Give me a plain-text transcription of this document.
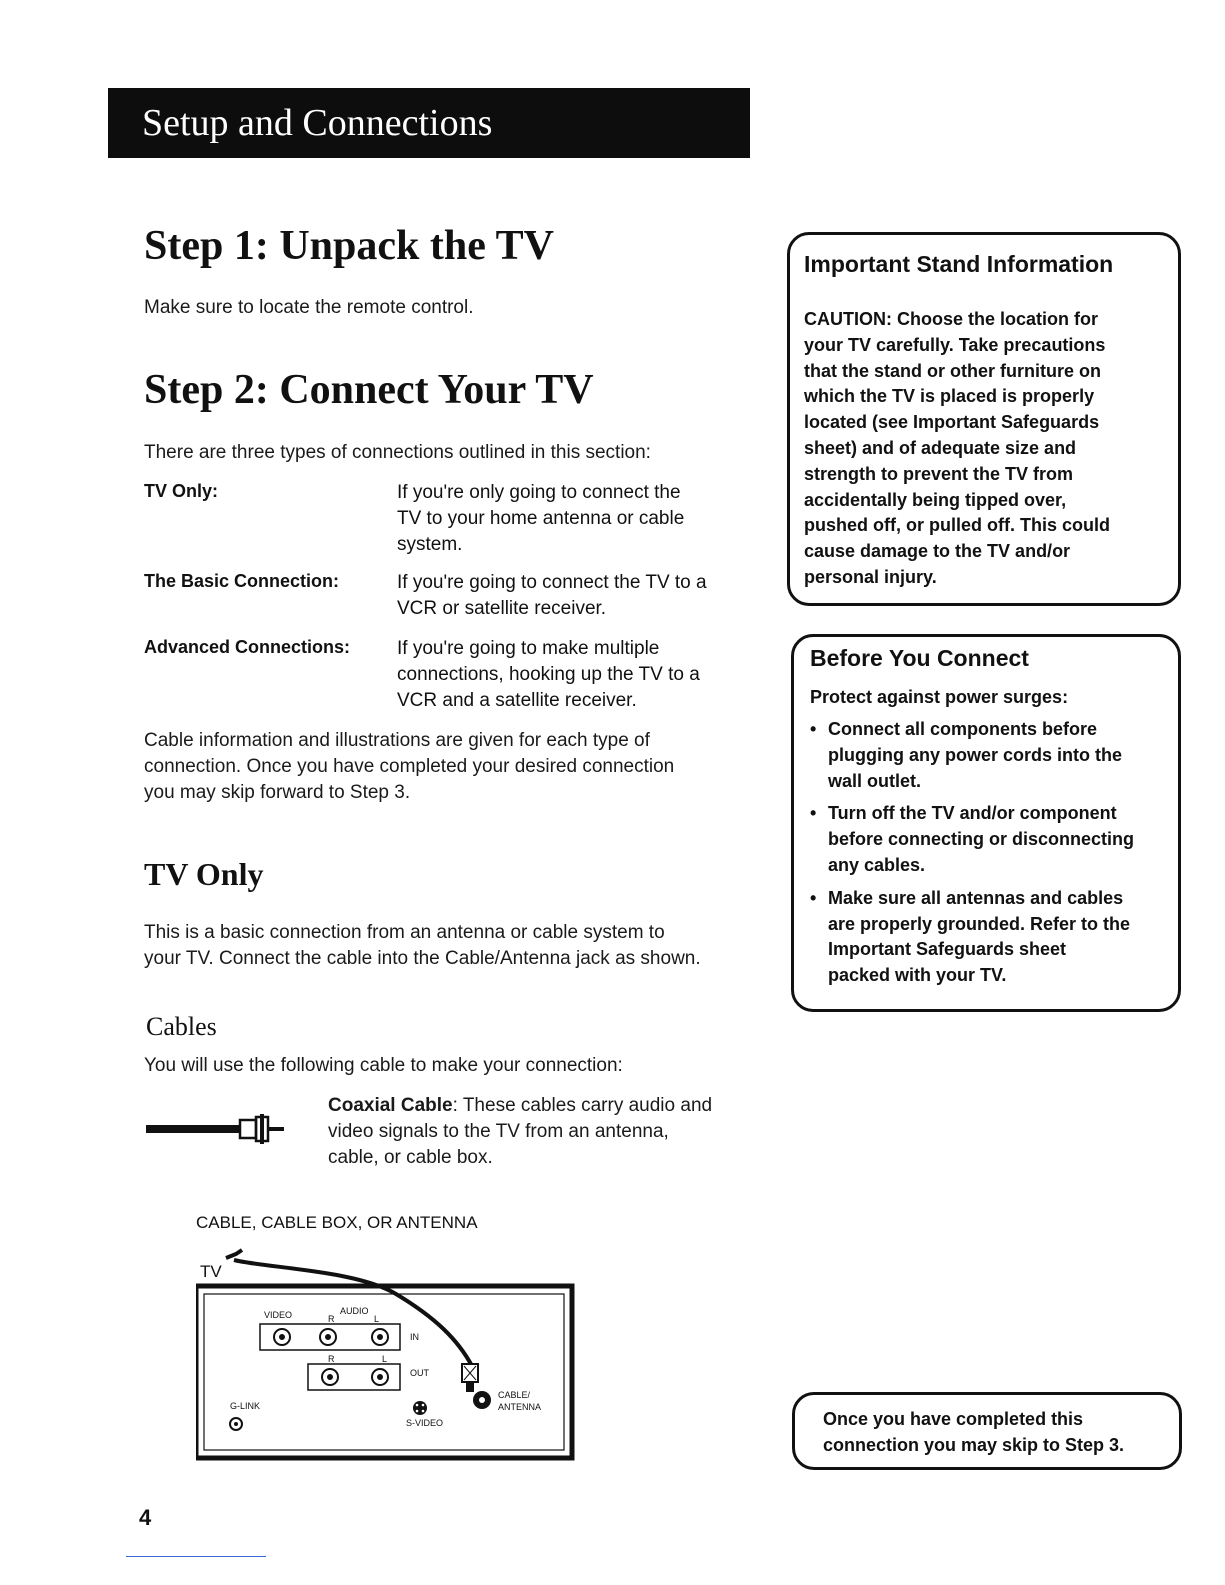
Setup and Connections
Step 1: Unpack the TV
Make sure to locate the remote control.
Step 2: Connect Your TV
There are three types of connections outlined in this section:
TV Only:	If you're only going to connect the
TV to your home antenna or cable
system.
The Basic Connection:	If you're going to connect the TV to a
VCR or satellite receiver.
Advanced Connections: If you're going to make multiple
connections, hooking up the TV to a
VCR and a satellite receiver.
Cable information and illustrations are given for each type of
connection. Once you have completed your desired connection
you may skip forward to Step 3.
TV Only
This is a basic connection from an antenna or cable system to
your TV. Connect the cable into the Cable/Antenna jack as shown.
Cables
You will use the following cable to make your connection:
Coaxial Cable: These cables carry audio and
video signals to the TV from an antenna,
cable, or cable box.
CABLE, CABLE BOX, OR ANTENNA
TV
VIDEO	R
AUDIO
L
IN
R	L
OUT
G-LINK
S-VIDEO
CABLE/
ANTENNA
Important Stand Information
CAUTION: Choose the location for
your TV carefully. Take precautions
that the stand or other furniture on
which the TV is placed is properly
located (see Important Safeguards
sheet) and of adequate size and
strength to prevent the TV from
accidentally being tipped over,
pushed off, or pulled off. This could
cause damage to the TV and/or
personal injury.
Before You Connect
Protect against power surges:
• Connect all components before
plugging any power cords into the
wall outlet.
• Turn off the TV and/or component
before connecting or disconnecting
any cables.
• Make sure all antennas and cables
are properly grounded. Refer to the
Important Safeguards sheet
packed with your TV.
Once you have completed this
connection you may skip to Step 3.
4
